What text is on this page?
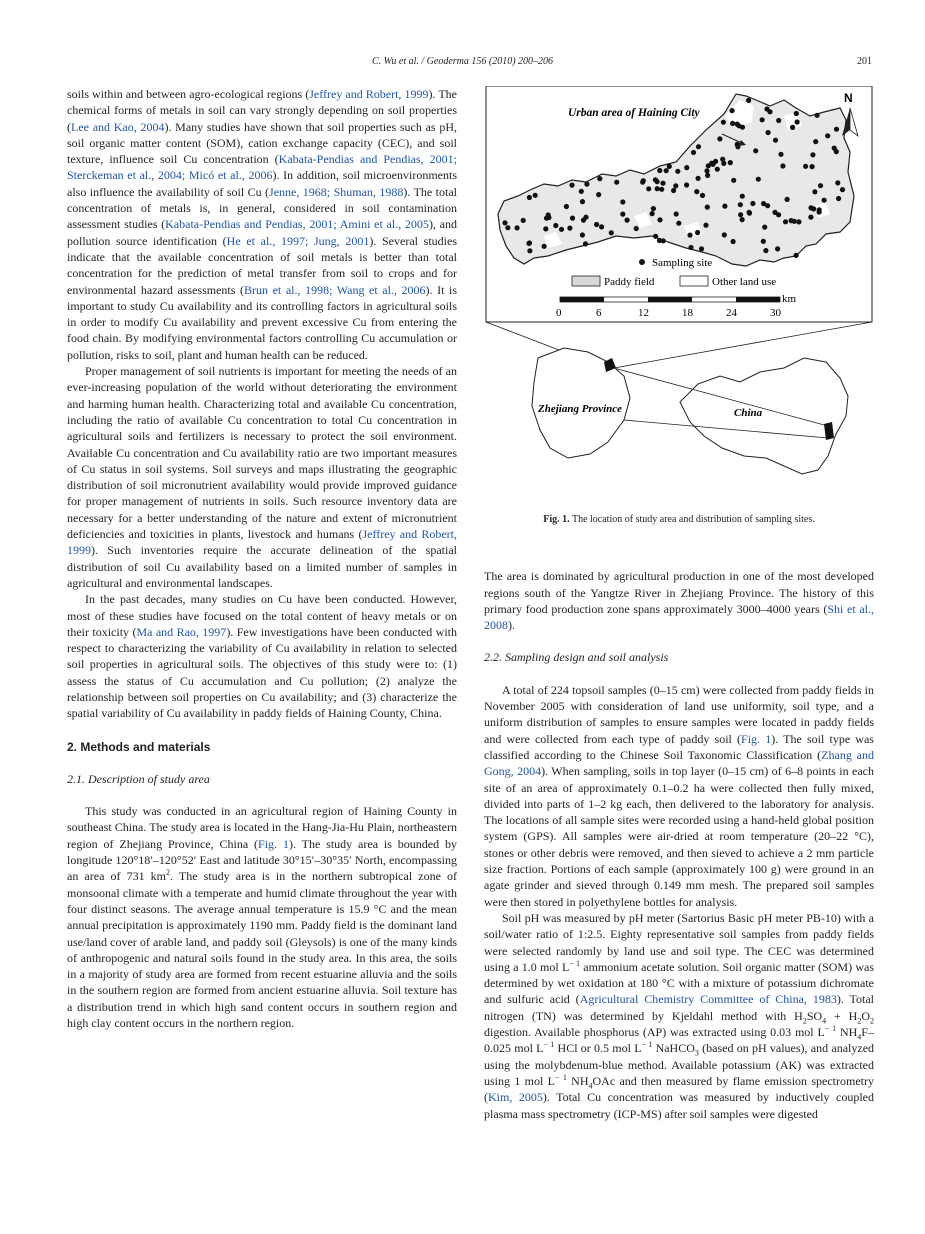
C. Wu et al. / Geoderma 156 (2010) 200–206	201

soils within and between agro-ecological regions (Jeffrey and Robert, 1999). The chemical forms of metals in soil can vary strongly depending on soil properties (Lee and Kao, 2004). Many studies have shown that soil properties such as pH, soil organic matter content (SOM), cation exchange capacity (CEC), and soil texture, influence soil Cu concentration (Kabata-Pendias and Pendias, 2001; Sterckeman et al., 2004; Micó et al., 2006). In addition, soil microenvironments also influence the availability of soil Cu (Jenne, 1968; Shuman, 1988). The total concentration of metals is, in general, considered in soil contamination assessment studies (Kabata-Pendias and Pendias, 2001; Amini et al., 2005), and pollution source identification (He et al., 1997; Jung, 2001). Several studies indicate that the available concentration of soil metals is better than total concentration for the prediction of metal transfer from soil to crops and for environmental hazard assessments (Brun et al., 1998; Wang et al., 2006). It is important to study Cu availability and its controlling factors in agricultural soils in order to modify Cu availability and prevent excessive Cu from entering the food chain. By modifying environmental factors controlling Cu accumulation or pollution, risks to soil, plant and human health can be reduced.

Proper management of soil nutrients is important for meeting the needs of an ever-increasing population of the world without deteriorating the environment and harming human health. Characterizing total and available Cu concentration, including the ratio of available Cu concentration to total Cu concentration in agricultural soils and fertilizers is necessary to protect the soil environment. Available Cu concentration and Cu availability ratio are two important measures of Cu status in soil systems. Soil surveys and maps illustrating the geographic distribution of soil micronutrient availability would provide improved guidance for proper management of nutrients in soils. Such resource inventory data are necessary for a better understanding of the nature and extent of micronutrient deficiencies and toxicities in plants, livestock and humans (Jeffrey and Robert, 1999). Such inventories require the accurate delineation of the spatial distribution of soil Cu availability based on a limited number of samples in agricultural and environmental landscapes.

In the past decades, many studies on Cu have been conducted. However, most of these studies have focused on the total content of heavy metals or on their toxicity (Ma and Rao, 1997). Few investigations have been conducted with respect to characterizing the variability of Cu availability in relation to selected soil properties in agricultural soils. The objectives of this study were to: (1) assess the status of Cu accumulation and Cu pollution; (2) analyze the relationship between soil properties on Cu availability; and (3) characterize the spatial variability of Cu availability in paddy fields of Haining County, China.

2. Methods and materials
2.1. Description of study area

This study was conducted in an agricultural region of Haining County in southeast China. The study area is located in the Hang-Jia-Hu Plain, northeastern region of Zhejiang Province, China (Fig. 1). The study area is bounded by longitude 120°18′–120°52′ East and latitude 30°15′–30°35′ North, encompassing an area of 731 $km^2$. The study area is in the northern subtropical zone of monsoonal climate with a temperate and humid climate throughout the year with four distinct seasons. The average annual temperature is 15.9 °C and the mean annual precipitation is approximately 1190 mm. Paddy field is the dominant land use/land cover of arable land, and paddy soil (Gleysols) is one of the many kinds of anthropogenic and natural soils found in the study area. In this area, the soils in a majority of study area are formed from recent estuarine alluvia and the soils in the southern region are formed from ancient estuarine alluvia. Soil texture has a distribution trend in which high sand content occurs in southern region and high clay content occurs in the northern region.

Urban area of Haining City
N
Sampling site
Paddy field	Other land use
km
0	6	12	18	24	30
Zhejiang Province	China
Fig. 1. The location of study area and distribution of sampling sites.

The area is dominated by agricultural production in one of the most developed regions south of the Yangtze River in Zhejiang Province. The history of this primary food production zone spans approximately 3000–4000 years (Shi et al., 2008).

2.2. Sampling design and soil analysis

A total of 224 topsoil samples (0–15 cm) were collected from paddy fields in November 2005 with consideration of land use uniformity, soil type, and a uniform distribution of samples to ensure samples were located in paddy fields and were collected from each type of paddy soil (Fig. 1). The soil type was classified according to the Chinese Soil Taxonomic Classification (Zhang and Gong, 2004). When sampling, soils in top layer (0–15 cm) of 6–8 points in each site of an area of approximately 0.1–0.2 ha were collected then fully mixed, divided into parts of 1–2 kg each, then delivered to the laboratory for analysis. The locations of all sample sites were recorded using a hand-held global position system (GPS). All samples were air-dried at room temperature (20–22 °C), stones or other debris were removed, and then sieved to achieve a 2 mm particle size fraction. Portions of each sample (approximately 100 g) were ground in an agate grinder and sieved through 0.149 mm mesh. The prepared soil samples were then stored in polyethylene bottles for analysis.

Soil pH was measured by pH meter (Sartorius Basic pH meter PB-10) with a soil/water ratio of 1:2.5. Eighty representative soil samples from paddy fields were selected randomly by land use and soil type. The CEC was determined using a 1.0 mol $L^{- 1}$ ammonium acetate solution. Soil organic matter (SOM) was determined by wet oxidation at 180 °C with a mixture of potassium dichromate and sulfuric acid (Agricultural Chemistry Committee of China, 1983). Total nitrogen (TN) was determined by Kjeldahl method with $H_2SO_4 + H_2O_2$ digestion. Available phosphorus (AP) was extracted using 0.03 mol $L^{- 1}$ $NH_4F-0.025$ mol $L^{- 1}$ HCl or 0.5 mol $L^{- 1}$ NaHCO$_3$ (based on pH values), and analyzed using the molybdenum-blue method. Available potassium (AK) was extracted using 1 mol $L^{- 1}$ $NH_4OAc$ and then measured by flame emission spectrometry (Kim, 2005). Total Cu concentration was measured by inductively coupled plasma mass spectrometry (ICP-MS) after soil samples were digested
